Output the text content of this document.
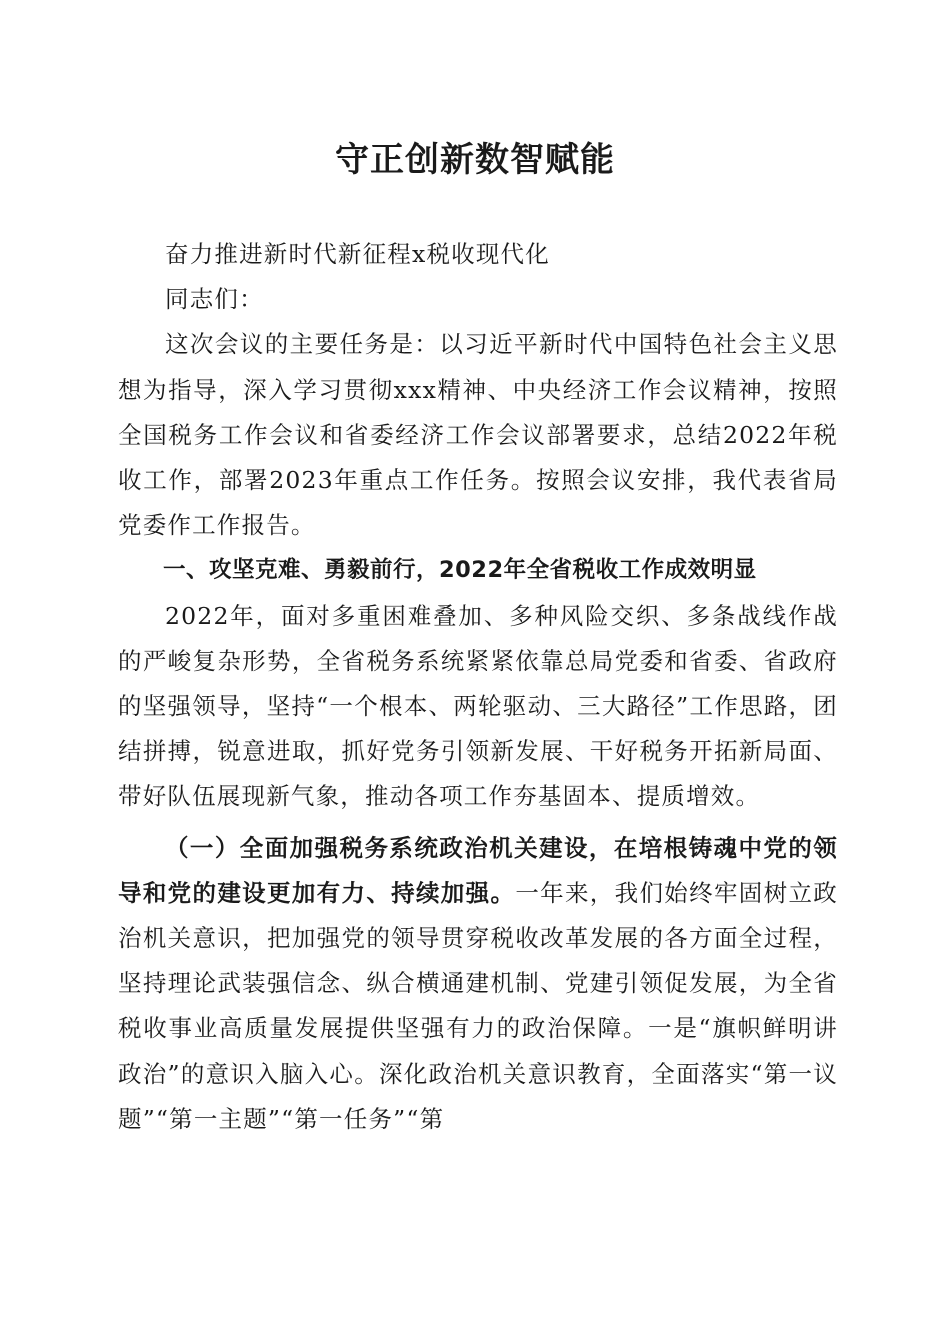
守正创新数智赋能

奋力推进新时代新征程x税收现代化

同志们：

这次会议的主要任务是：以习近平新时代中国特色社会主义思想为指导，深入学习贯彻xxx精神、中央经济工作会议精神，按照全国税务工作会议和省委经济工作会议部署要求，总结2022年税收工作，部署2023年重点工作任务。按照会议安排，我代表省局党委作工作报告。

一、攻坚克难、勇毅前行，2022年全省税收工作成效明显

2022年，面对多重困难叠加、多种风险交织、多条战线作战的严峻复杂形势，全省税务系统紧紧依靠总局党委和省委、省政府的坚强领导，坚持“一个根本、两轮驱动、三大路径”工作思路，团结拼搏，锐意进取，抓好党务引领新发展、干好税务开拓新局面、带好队伍展现新气象，推动各项工作夯基固本、提质增效。

（一）全面加强税务系统政治机关建设，在培根铸魂中党的领导和党的建设更加有力、持续加强。一年来，我们始终牢固树立政治机关意识，把加强党的领导贯穿税收改革发展的各方面全过程，坚持理论武装强信念、纵合横通建机制、党建引领促发展，为全省税收事业高质量发展提供坚强有力的政治保障。一是“旗帜鲜明讲政治”的意识入脑入心。深化政治机关意识教育，全面落实“第一议题”“第一主题”“第一任务”“第
